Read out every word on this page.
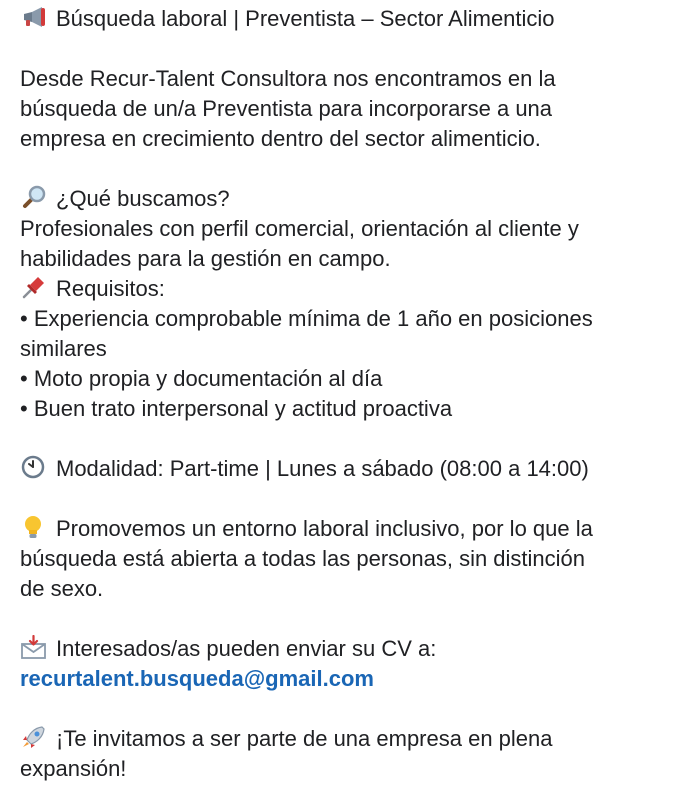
Búsqueda laboral | Preventista – Sector Alimenticio
Desde Recur-Talent Consultora nos encontramos en la
búsqueda de un/a Preventista para incorporarse a una
empresa en crecimiento dentro del sector alimenticio.
¿Qué buscamos?
Profesionales con perfil comercial, orientación al cliente y
habilidades para la gestión en campo.
Requisitos:
• Experiencia comprobable mínima de 1 año en posiciones
similares
• Moto propia y documentación al día
• Buen trato interpersonal y actitud proactiva
Modalidad: Part-time | Lunes a sábado (08:00 a 14:00)
Promovemos un entorno laboral inclusivo, por lo que la
búsqueda está abierta a todas las personas, sin distinción
de sexo.
Interesados/as pueden enviar su CV a:
recurtalent.busqueda@gmail.com
¡Te invitamos a ser parte de una empresa en plena
expansión!
